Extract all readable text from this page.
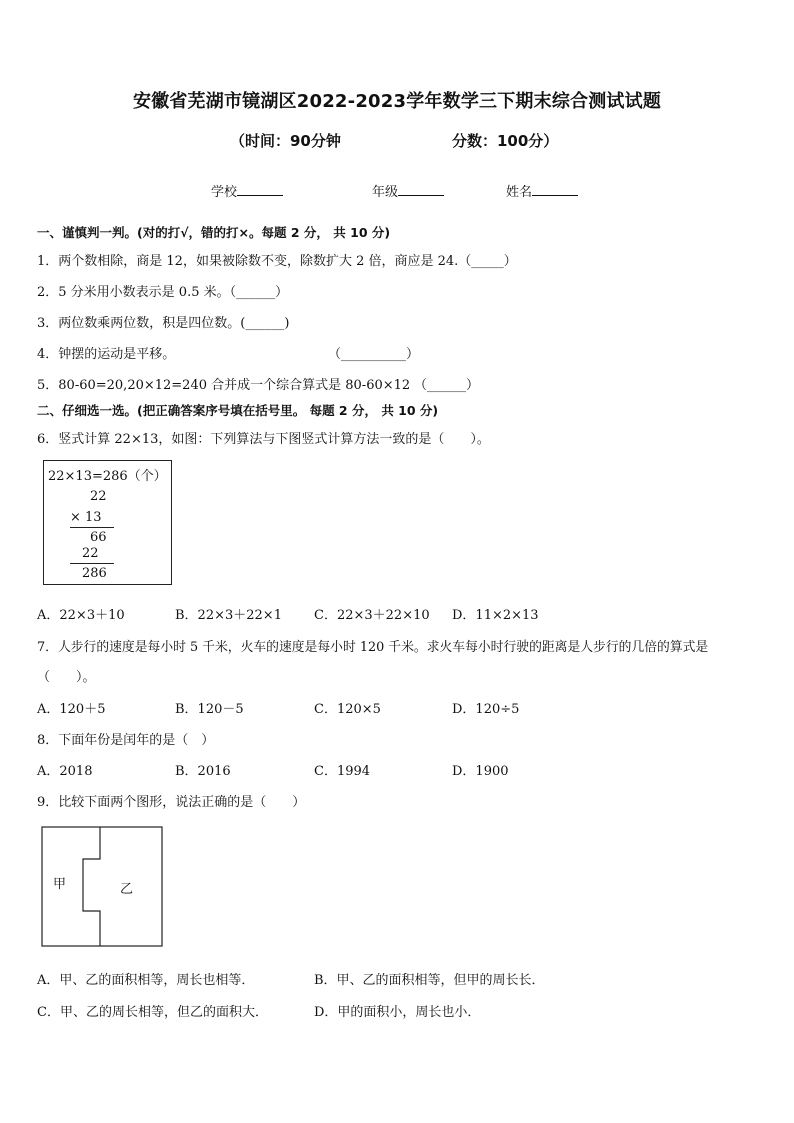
安徽省芜湖市镜湖区2022-2023学年数学三下期末综合测试试题
（时间：90分钟	分数：100分）
学校	年级	姓名
一、谨慎判一判。(对的打√，错的打×。每题 2 分， 共 10 分)
1．两个数相除，商是 12，如果被除数不变，除数扩大 2 倍，商应是 24.（_____）
2．5 分米用小数表示是 0.5 米。（______）
3．两位数乘两位数，积是四位数。(______)
4．钟摆的运动是平移。	（__________）
5．80-60=20,20×12=240 合并成一个综合算式是 80-60×12 （______）
二、仔细选一选。(把正确答案序号填在括号里。 每题 2 分， 共 10 分)
6．竖式计算 22×13，如图：下列算法与下图竖式计算方法一致的是（　　）。
22×13=286（个）
22
× 13
66
22
286
A．22×3＋10	B．22×3＋22×1 C．22×3＋22×10 D．11×2×13
7．人步行的速度是每小时 5 千米，火车的速度是每小时 120 千米。求火车每小时行驶的距离是人步行的几倍的算式是
（　　）。
A．120＋5	B．120－5	C．120×5	D．120÷5
8．下面年份是闰年的是（　）
A．2018	B．2016	C．1994	D．1900
9．比较下面两个图形，说法正确的是（　　）
甲	乙
A．甲、乙的面积相等，周长也相等．	B．甲、乙的面积相等，但甲的周长长．
C．甲、乙的周长相等，但乙的面积大．	D．甲的面积小，周长也小．
